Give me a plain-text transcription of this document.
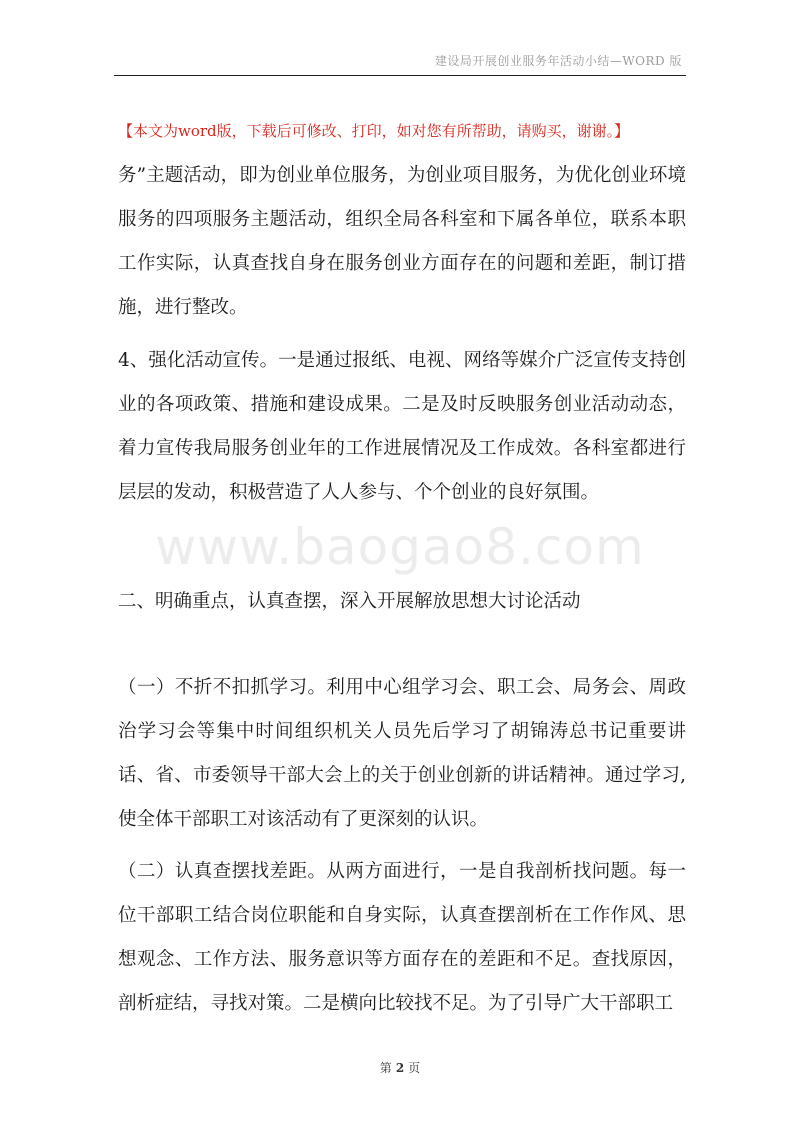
建设局开展创业服务年活动小结—WORD 版
【本文为word版，下载后可修改、打印，如对您有所帮助，请购买，谢谢。】
www.baogao8.com

务”主题活动，即为创业单位服务，为创业项目服务，为优化创业环境服务的四项服务主题活动，组织全局各科室和下属各单位，联系本职工作实际，认真查找自身在服务创业方面存在的问题和差距，制订措施，进行整改。

4、强化活动宣传。一是通过报纸、电视、网络等媒介广泛宣传支持创业的各项政策、措施和建设成果。二是及时反映服务创业活动动态，着力宣传我局服务创业年的工作进展情况及工作成效。各科室都进行层层的发动，积极营造了人人参与、个个创业的良好氛围。

二、明确重点，认真查摆，深入开展解放思想大讨论活动

（一）不折不扣抓学习。利用中心组学习会、职工会、局务会、周政治学习会等集中时间组织机关人员先后学习了胡锦涛总书记重要讲话、省、市委领导干部大会上的关于创业创新的讲话精神。通过学习,使全体干部职工对该活动有了更深刻的认识。

（二）认真查摆找差距。从两方面进行，一是自我剖析找问题。每一位干部职工结合岗位职能和自身实际，认真查摆剖析在工作作风、思想观念、工作方法、服务意识等方面存在的差距和不足。查找原因，剖析症结，寻找对策。二是横向比较找不足。为了引导广大干部职工

第 2 页
